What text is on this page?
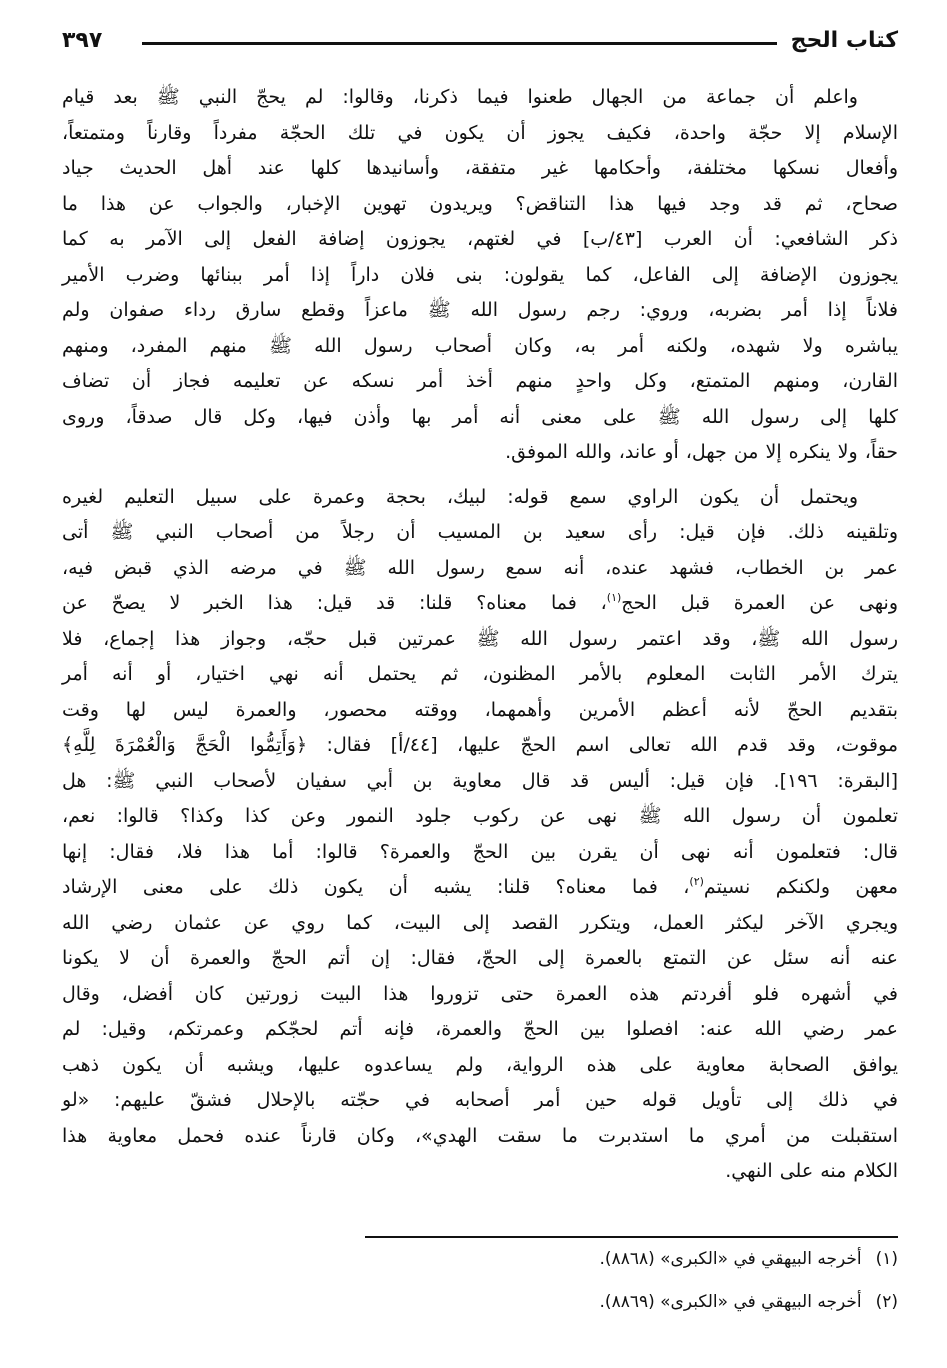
كتاب الحج
٣٩٧
واعلم أن جماعة من الجهال طعنوا فيما ذكرنا، وقالوا: لم يحجّ النبي ﷺ بعد قيام
الإسلام إلا حجّة واحدة، فكيف يجوز أن يكون في تلك الحجّة مفرداً وقارناً ومتمتعاً،
وأفعال نسكها مختلفة، وأحكامها غير متفقة، وأسانيدها كلها عند أهل الحديث جياد
صحاح، ثم قد وجد فيها هذا التناقض؟ ويريدون تهوين الإخبار، والجواب عن هذا ما
ذكر الشافعي: أن العرب [٤٣/ب] في لغتهم، يجوزون إضافة الفعل إلى الآمر به كما
يجوزون الإضافة إلى الفاعل، كما يقولون: بنى فلان داراً إذا أمر ببنائها وضرب الأمير
فلاناً إذا أمر بضربه، وروي: رجم رسول الله ﷺ ماعزاً وقطع سارق رداء صفوان ولم
يباشره ولا شهده، ولكنه أمر به، وكان أصحاب رسول الله ﷺ منهم المفرد، ومنهم
القارن، ومنهم المتمتع، وكل واحدٍ منهم أخذ أمر نسكه عن تعليمه فجاز أن تضاف
كلها إلى رسول الله ﷺ على معنى أنه أمر بها وأذن فيها، وكل قال صدقاً، وروى
حقاً، ولا ينكره إلا من جهل، أو عاند، والله الموفق.
ويحتمل أن يكون الراوي سمع قوله: لبيك، بحجة وعمرة على سبيل التعليم لغيره
وتلقينه ذلك. فإن قيل: رأى سعيد بن المسيب أن رجلاً من أصحاب النبي ﷺ أتى
عمر بن الخطاب، فشهد عنده، أنه سمع رسول الله ﷺ في مرضه الذي قبض فيه،
ونهى عن العمرة قبل الحج$^{(١)}$، فما معناه؟ قلنا: قد قيل: هذا الخبر لا يصحّ عن
رسول الله ﷺ، وقد اعتمر رسول الله ﷺ عمرتين قبل حجّه، وجواز هذا إجماع، فلا
يترك الأمر الثابت المعلوم بالأمر المظنون، ثم يحتمل أنه نهي اختيار، أو أنه أمر
بتقديم الحجّ لأنه أعظم الأمرين وأهمهما، ووقته محصور، والعمرة ليس لها وقت
موقوت، وقد قدم الله تعالى اسم الحجّ عليها، [٤٤/أ] فقال: ﴿وَأَتِمُّوا الْحَجَّ وَالْعُمْرَةَ لِلَّهِ﴾
[البقرة: ١٩٦]. فإن قيل: أليس قد قال معاوية بن أبي سفيان لأصحاب النبي ﷺ: هل
تعلمون أن رسول الله ﷺ نهى عن ركوب جلود النمور وعن كذا وكذا؟ قالوا: نعم،
قال: فتعلمون أنه نهى أن يقرن بين الحجّ والعمرة؟ قالوا: أما هذا فلا، فقال: إنها
معهن ولكنكم نسيتم$^{(٢)}$، فما معناه؟ قلنا: يشبه أن يكون ذلك على معنى الإرشاد
ويجري الآخر ليكثر العمل، ويتكرر القصد إلى البيت، كما روي عن عثمان رضي الله
عنه أنه سئل عن التمتع بالعمرة إلى الحجّ، فقال: إن أتم الحجّ والعمرة أن لا يكونا
في أشهره فلو أفردتم هذه العمرة حتى تزوروا هذا البيت زورتين كان أفضل، وقال
عمر رضي الله عنه: افصلوا بين الحجّ والعمرة، فإنه أتم لحجّكم وعمرتكم، وقيل: لم
يوافق الصحابة معاوية على هذه الرواية، ولم يساعدوه عليها، ويشبه أن يكون ذهب
في ذلك إلى تأويل قوله حين أمر أصحابه في حجّته بالإحلال فشقّ عليهم: «لو
استقبلت من أمري ما استدبرت ما سقت الهدي»، وكان قارناً عنده فحمل معاوية هذا
الكلام منه على النهي.
(١)أخرجه البيهقي في «الكبرى» (٨٨٦٨).
(٢)أخرجه البيهقي في «الكبرى» (٨٨٦٩).
